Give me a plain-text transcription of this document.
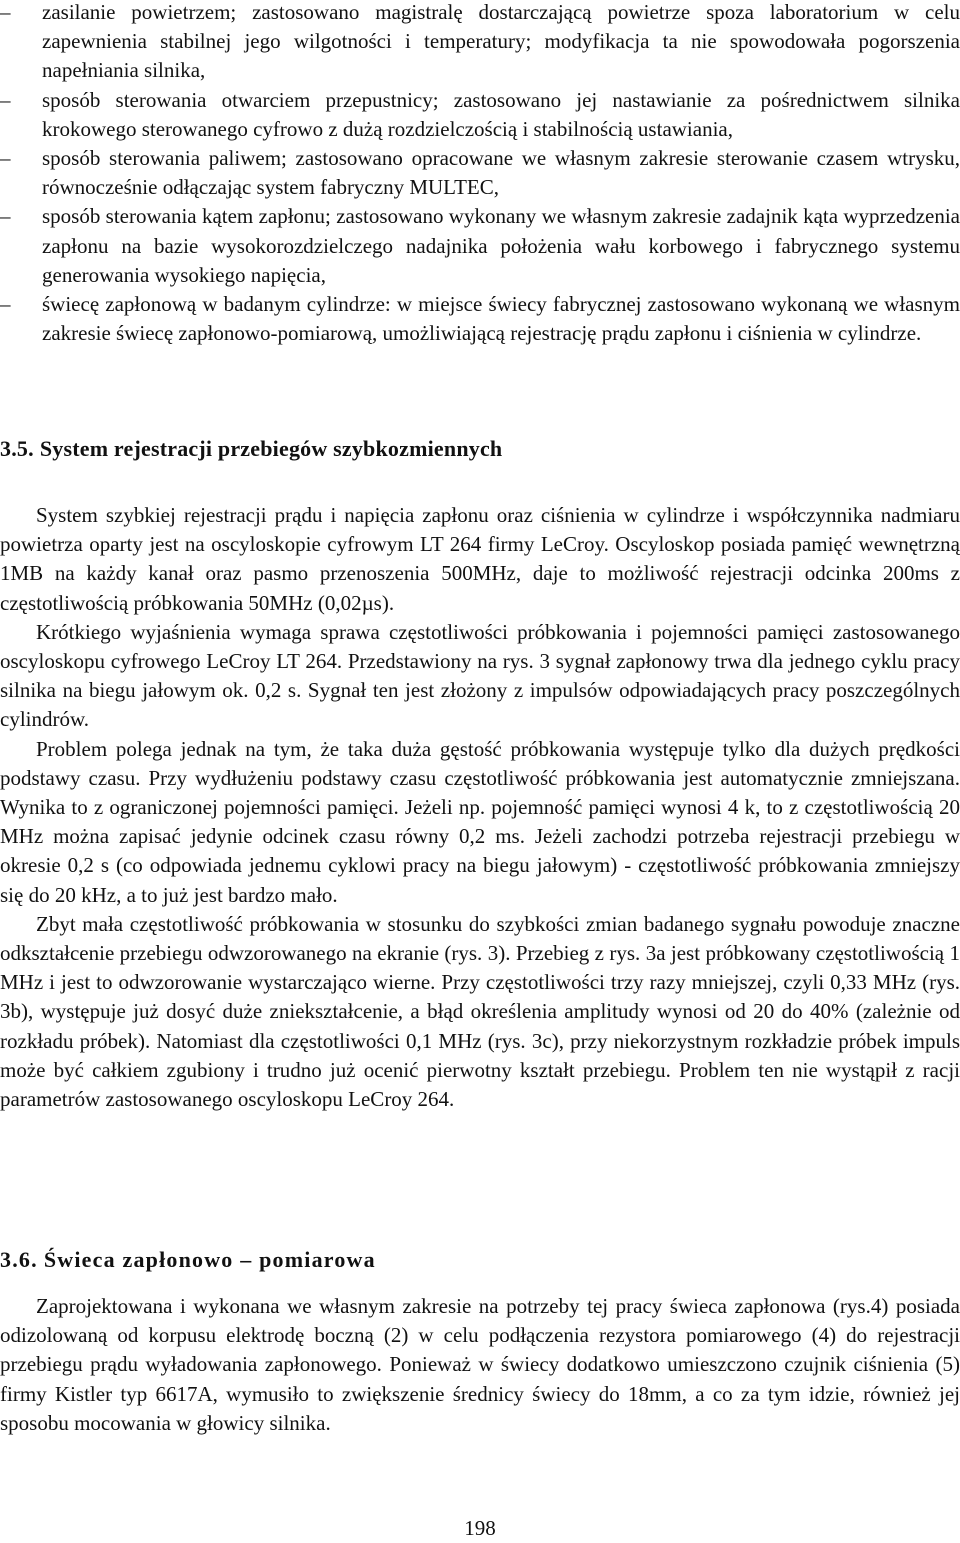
–	zasilanie powietrzem; zastosowano magistralę dostarczającą powietrze spoza laboratorium w celu zapewnienia stabilnej jego wilgotności i temperatury; modyfikacja ta nie spowodowała pogorszenia napełniania silnika,
–	sposób sterowania otwarciem przepustnicy; zastosowano jej nastawianie za pośrednictwem silnika krokowego sterowanego cyfrowo z dużą rozdzielczością i stabilnością ustawiania,
–	sposób sterowania paliwem; zastosowano opracowane we własnym zakresie sterowanie czasem wtrysku, równocześnie odłączając system fabryczny MULTEC,
–	sposób sterowania kątem zapłonu; zastosowano wykonany we własnym zakresie zadajnik kąta wyprzedzenia zapłonu na bazie wysokorozdzielczego nadajnika położenia wału korbowego i fabrycznego systemu generowania wysokiego napięcia,
–	świecę zapłonową w badanym cylindrze: w miejsce świecy fabrycznej zastosowano wykonaną we własnym zakresie świecę zapłonowo-pomiarową, umożliwiającą rejestrację prądu zapłonu i ciśnienia w cylindrze.
3.5. System rejestracji przebiegów szybkozmiennych

System szybkiej rejestracji prądu i napięcia zapłonu oraz ciśnienia w cylindrze i współczynnika nadmiaru powietrza oparty jest na oscyloskopie cyfrowym LT 264 firmy LeCroy. Oscyloskop posiada pamięć wewnętrzną 1MB na każdy kanał oraz pasmo przenoszenia 500MHz, daje to możliwość rejestracji odcinka 200ms z częstotliwością próbkowania 50MHz (0,02µs).

Krótkiego wyjaśnienia wymaga sprawa częstotliwości próbkowania i pojemności pamięci zastosowanego oscyloskopu cyfrowego LeCroy LT 264. Przedstawiony na rys. 3 sygnał zapłonowy trwa dla jednego cyklu pracy silnika na biegu jałowym ok. 0,2 s. Sygnał ten jest złożony z impulsów odpowiadających pracy poszczególnych cylindrów.

Problem polega jednak na tym, że taka duża gęstość próbkowania występuje tylko dla dużych prędkości podstawy czasu. Przy wydłużeniu podstawy czasu częstotliwość próbkowania jest automatycznie zmniejszana. Wynika to z ograniczonej pojemności pamięci. Jeżeli np. pojemność pamięci wynosi 4 k, to z częstotliwością 20 MHz można zapisać jedynie odcinek czasu równy 0,2 ms. Jeżeli zachodzi potrzeba rejestracji przebiegu w okresie 0,2 s (co odpowiada jednemu cyklowi pracy na biegu jałowym) - częstotliwość próbkowania zmniejszy się do 20 kHz, a to już jest bardzo mało.

Zbyt mała częstotliwość próbkowania w stosunku do szybkości zmian badanego sygnału powoduje znaczne odkształcenie przebiegu odwzorowanego na ekranie (rys. 3). Przebieg z rys. 3a jest próbkowany częstotliwością 1 MHz i jest to odwzorowanie wystarczająco wierne. Przy częstotliwości trzy razy mniejszej, czyli 0,33 MHz (rys. 3b), występuje już dosyć duże zniekształcenie, a błąd określenia amplitudy wynosi od 20 do 40% (zależnie od rozkładu próbek). Natomiast dla częstotliwości 0,1 MHz (rys. 3c), przy niekorzystnym rozkładzie próbek impuls może być całkiem zgubiony i trudno już ocenić pierwotny kształt przebiegu. Problem ten nie wystąpił z racji parametrów zastosowanego oscyloskopu LeCroy 264.

3.6. Świeca zapłonowo – pomiarowa

Zaprojektowana i wykonana we własnym zakresie na potrzeby tej pracy świeca zapłonowa (rys.4) posiada odizolowaną od korpusu elektrodę boczną (2) w celu podłączenia rezystora pomiarowego (4) do rejestracji przebiegu prądu wyładowania zapłonowego. Ponieważ w świecy dodatkowo umieszczono czujnik ciśnienia (5) firmy Kistler typ 6617A, wymusiło to zwiększenie średnicy świecy do 18mm, a co za tym idzie, również jej sposobu mocowania w głowicy silnika.

198
